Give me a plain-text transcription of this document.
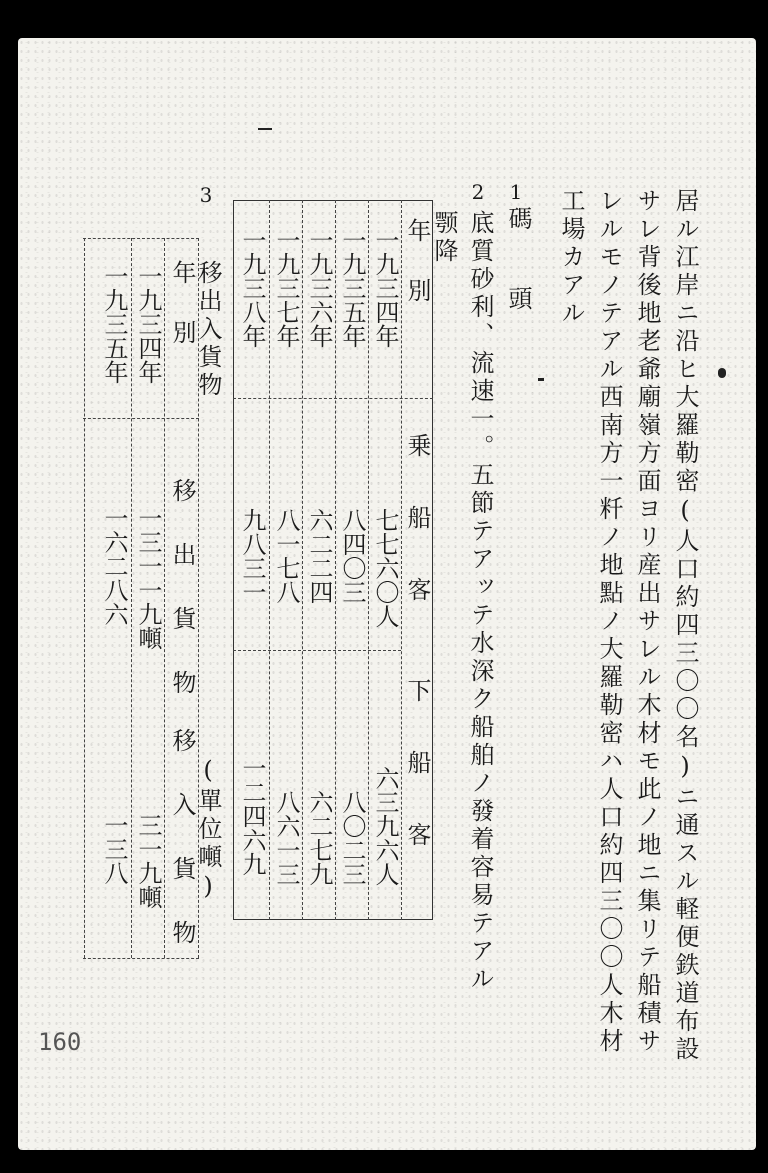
居ル江岸ニ沿ヒ大羅勒密(人口約四三〇〇名)ニ通スル軽便鉄道布設
サレ背後地老爺廟嶺方面ヨリ産出サレル木材モ此ノ地ニ集リテ船積サ
レルモノテアル西南方一粁ノ地點ノ大羅勒密ハ人口約四三〇〇人木材
工場カアル
1
碼 頭
2
底質砂利、流速一。五節テアッテ水深ク船舶ノ發着容易テアル
颚降
年　別
乗　船　客
下　船　客
一九三四年
一九三五年
一九三六年
一九三七年
一九三八年
七七六〇人
八四〇三
六二二四
八一七八
九八三一
六三九六人
八〇二三
六二七九
八六一三
一二四六九
3
移出入貨物
(單位噸)
年　別
移　出　貨　物
移　入　貨　物
一九三四年
一九三五年
一三一一九噸
一六二八六
三一九噸
一三八
160
